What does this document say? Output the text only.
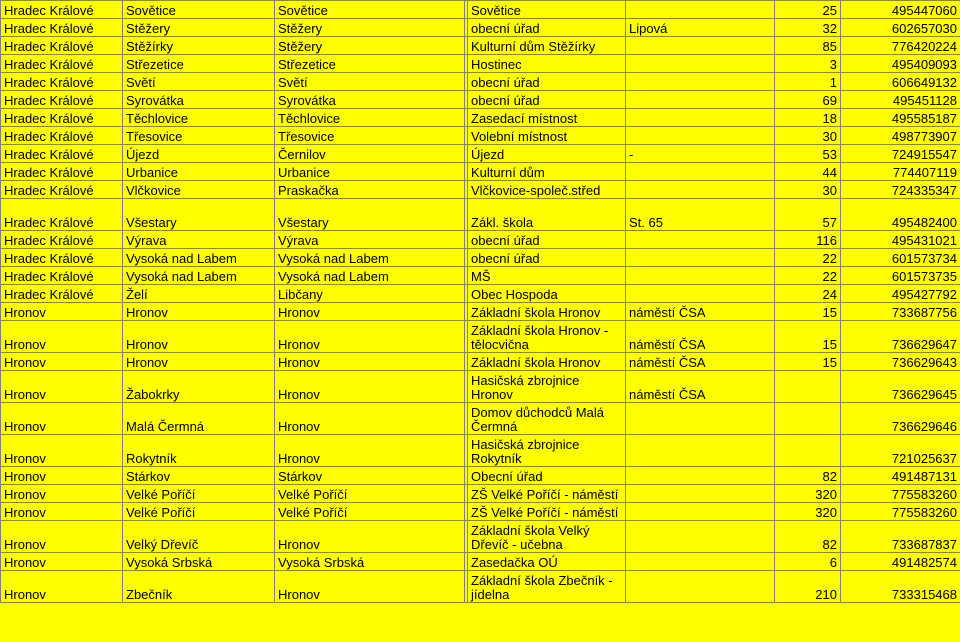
Hradec Králové	Sovětice	Sovětice		Sovětice		25	495447060
Hradec Králové	Stěžery	Stěžery		obecní úřad	Lipová	32	602657030
Hradec Králové	Stěžírky	Stěžery		Kulturní dům Stěžírky		85	776420224
Hradec Králové	Střezetice	Střezetice		Hostinec		3	495409093
Hradec Králové	Světí	Světí		obecní úřad		1	606649132
Hradec Králové	Syrovátka	Syrovátka		obecní úřad		69	495451128
Hradec Králové	Těchlovice	Těchlovice		Zasedací místnost		18	495585187
Hradec Králové	Třesovice	Třesovice		Volební místnost		30	498773907
Hradec Králové	Újezd	Černilov		Újezd	-	53	724915547
Hradec Králové	Urbanice	Urbanice		Kulturní dům		44	774407119
Hradec Králové	Vlčkovice	Praskačka		Vlčkovice-společ.střed		30	724335347
Hradec Králové	Všestary	Všestary		Zákl. škola	St. 65	57	495482400
Hradec Králové	Výrava	Výrava		obecní úřad		116	495431021
Hradec Králové	Vysoká nad Labem	Vysoká nad Labem		obecní úřad		22	601573734
Hradec Králové	Vysoká nad Labem	Vysoká nad Labem		MŠ		22	601573735
Hradec Králové	Želí	Libčany		Obec Hospoda		24	495427792
Hronov	Hronov	Hronov		Základní škola Hronov	náměstí ČSA	15	733687756
Hronov	Hronov	Hronov		Základní škola Hronov - tělocvična	náměstí ČSA	15	736629647
Hronov	Hronov	Hronov		Základní škola Hronov	náměstí ČSA	15	736629643
Hronov	Žabokrky	Hronov		Hasičská zbrojnice Hronov	náměstí ČSA		736629645
Hronov	Malá Čermná	Hronov		Domov důchodců Malá Čermná			736629646
Hronov	Rokytník	Hronov		Hasičská zbrojnice Rokytník			721025637
Hronov	Stárkov	Stárkov		Obecní úřad		82	491487131
Hronov	Velké Poříčí	Velké Poříčí		ZŠ Velké Poříčí - náměstí		320	775583260
Hronov	Velké Poříčí	Velké Poříčí		ZŠ Velké Poříčí - náměstí		320	775583260
Hronov	Velký Dřevíč	Hronov		Základní škola Velký Dřevíč - učebna		82	733687837
Hronov	Vysoká Srbská	Vysoká Srbská		Zasedačka OÚ		6	491482574
Hronov	Zbečník	Hronov		Základní škola Zbečník - jídelna		210	733315468
